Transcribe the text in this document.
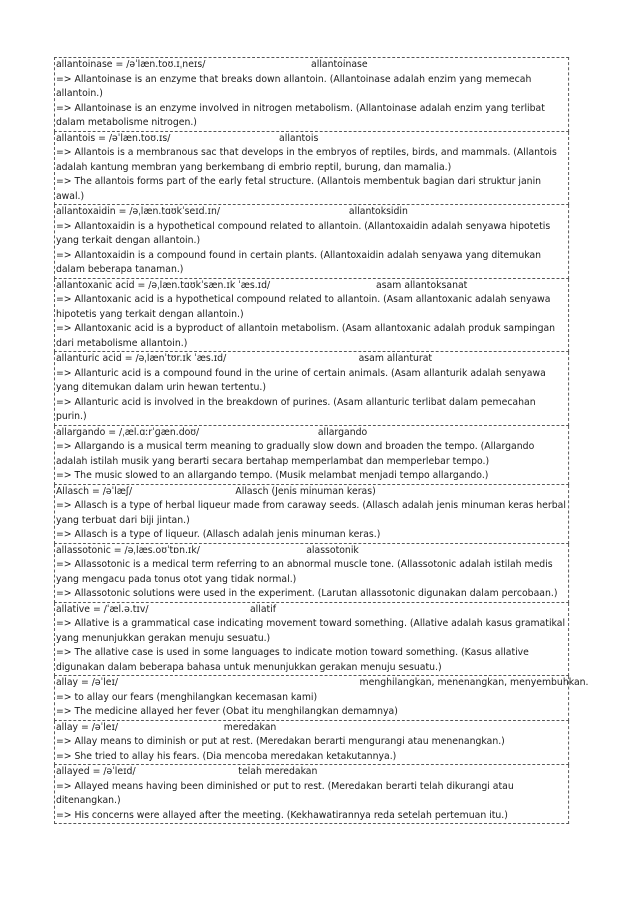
allantoinase = /əˈlæn.toʊ.ɪˌneɪs/	allantoinase
=> Allantoinase is an enzyme that breaks down allantoin. (Allantoinase adalah enzim yang memecah allantoin.)
=> Allantoinase is an enzyme involved in nitrogen metabolism. (Allantoinase adalah enzim yang terlibat dalam metabolisme nitrogen.)
allantois = /əˈlæn.toʊ.ɪs/	allantois
=> Allantois is a membranous sac that develops in the embryos of reptiles, birds, and mammals. (Allantois adalah kantung membran yang berkembang di embrio reptil, burung, dan mamalia.)
=> The allantois forms part of the early fetal structure. (Allantois membentuk bagian dari struktur janin awal.)
allantoxaidin = /əˌlæn.tɑʊkˈseɪd.ɪn/	allantoksidin
=> Allantoxaidin is a hypothetical compound related to allantoin. (Allantoxaidin adalah senyawa hipotetis yang terkait dengan allantoin.)
=> Allantoxaidin is a compound found in certain plants. (Allantoxaidin adalah senyawa yang ditemukan dalam beberapa tanaman.)
allantoxanic acid = /əˌlæn.tɑʊkˈsæn.ɪk ˈæs.ɪd/	asam allantoksanat
=> Allantoxanic acid is a hypothetical compound related to allantoin. (Asam allantoxanic adalah senyawa hipotetis yang terkait dengan allantoin.)
=> Allantoxanic acid is a byproduct of allantoin metabolism. (Asam allantoxanic adalah produk sampingan dari metabolisme allantoin.)
allanturic acid = /əˌlænˈtʊr.ɪk ˈæs.ɪd/	asam allanturat
=> Allanturic acid is a compound found in the urine of certain animals. (Asam allanturik adalah senyawa yang ditemukan dalam urin hewan tertentu.)
=> Allanturic acid is involved in the breakdown of purines. (Asam allanturic terlibat dalam pemecahan purin.)
allargando = /ˌæl.ɑːrˈɡæn.doʊ/	allargando
=> Allargando is a musical term meaning to gradually slow down and broaden the tempo. (Allargando adalah istilah musik yang berarti secara bertahap memperlambat dan memperlebar tempo.)
=> The music slowed to an allargando tempo. (Musik melambat menjadi tempo allargando.)
Allasch = /əˈlæʃ/	Allasch (Jenis minuman keras)
=> Allasch is a type of herbal liqueur made from caraway seeds. (Allasch adalah jenis minuman keras herbal yang terbuat dari biji jintan.)
=> Allasch is a type of liqueur. (Allasch adalah jenis minuman keras.)
allassotonic = /əˌlæs.oʊˈtɒn.ɪk/	alassotonik
=> Allassotonic is a medical term referring to an abnormal muscle tone. (Allassotonic adalah istilah medis yang mengacu pada tonus otot yang tidak normal.)
=> Allassotonic solutions were used in the experiment. (Larutan allassotonic digunakan dalam percobaan.)
allative = /ˈæl.ə.tɪv/	allatif
=> Allative is a grammatical case indicating movement toward something. (Allative adalah kasus gramatikal yang menunjukkan gerakan menuju sesuatu.)
=> The allative case is used in some languages to indicate motion toward something. (Kasus allative digunakan dalam beberapa bahasa untuk menunjukkan gerakan menuju sesuatu.)
allay = /əˈleɪ/	menghilangkan, menenangkan, menyembuhkan.
=> to allay our fears (menghilangkan kecemasan kami)
=> The medicine allayed her fever (Obat itu menghilangkan demamnya)
allay = /əˈleɪ/	meredakan
=> Allay means to diminish or put at rest. (Meredakan berarti mengurangi atau menenangkan.)
=> She tried to allay his fears. (Dia mencoba meredakan ketakutannya.)
allayed = /əˈleɪd/	telah meredakan
=> Allayed means having been diminished or put to rest. (Meredakan berarti telah dikurangi atau ditenangkan.)
=> His concerns were allayed after the meeting. (Kekhawatirannya reda setelah pertemuan itu.)
